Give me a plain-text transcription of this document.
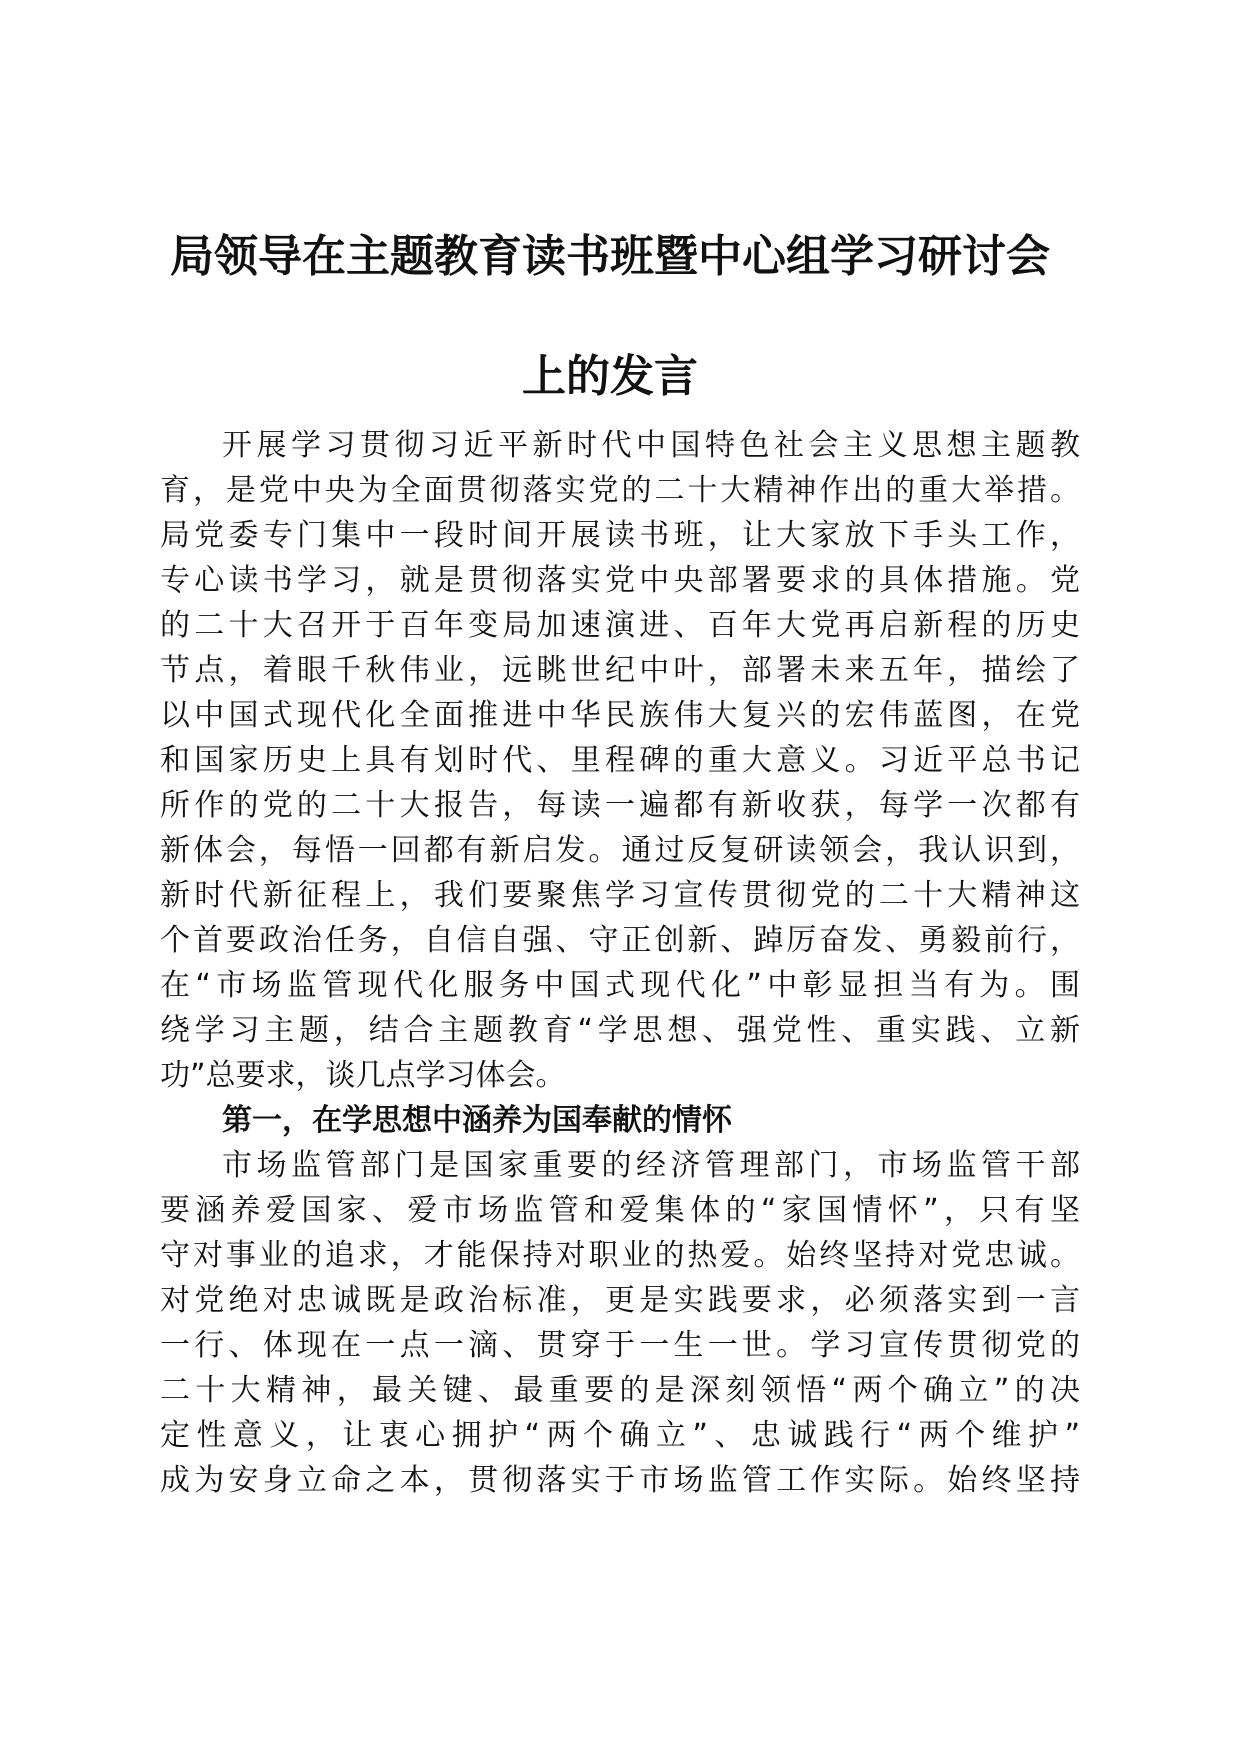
局领导在主题教育读书班暨中心组学习研讨会
上的发言

开展学习贯彻习近平新时代中国特色社会主义思想主题教

育，是党中央为全面贯彻落实党的二十大精神作出的重大举措。

局党委专门集中一段时间开展读书班，让大家放下手头工作，

专心读书学习，就是贯彻落实党中央部署要求的具体措施。党

的二十大召开于百年变局加速演进、百年大党再启新程的历史

节点，着眼千秋伟业，远眺世纪中叶，部署未来五年，描绘了

以中国式现代化全面推进中华民族伟大复兴的宏伟蓝图，在党

和国家历史上具有划时代、里程碑的重大意义。习近平总书记

所作的党的二十大报告，每读一遍都有新收获，每学一次都有

新体会，每悟一回都有新启发。通过反复研读领会，我认识到，

新时代新征程上，我们要聚焦学习宣传贯彻党的二十大精神这

个首要政治任务，自信自强、守正创新、踔厉奋发、勇毅前行，

在“市场监管现代化服务中国式现代化”中彰显担当有为。围

绕学习主题，结合主题教育“学思想、强党性、重实践、立新

功”总要求，谈几点学习体会。

第一，在学思想中涵养为国奉献的情怀

市场监管部门是国家重要的经济管理部门，市场监管干部

要涵养爱国家、爱市场监管和爱集体的“家国情怀”，只有坚

守对事业的追求，才能保持对职业的热爱。始终坚持对党忠诚。

对党绝对忠诚既是政治标准，更是实践要求，必须落实到一言

一行、体现在一点一滴、贯穿于一生一世。学习宣传贯彻党的

二十大精神，最关键、最重要的是深刻领悟“两个确立”的决

定性意义，让衷心拥护“两个确立”、忠诚践行“两个维护”

成为安身立命之本，贯彻落实于市场监管工作实际。始终坚持
